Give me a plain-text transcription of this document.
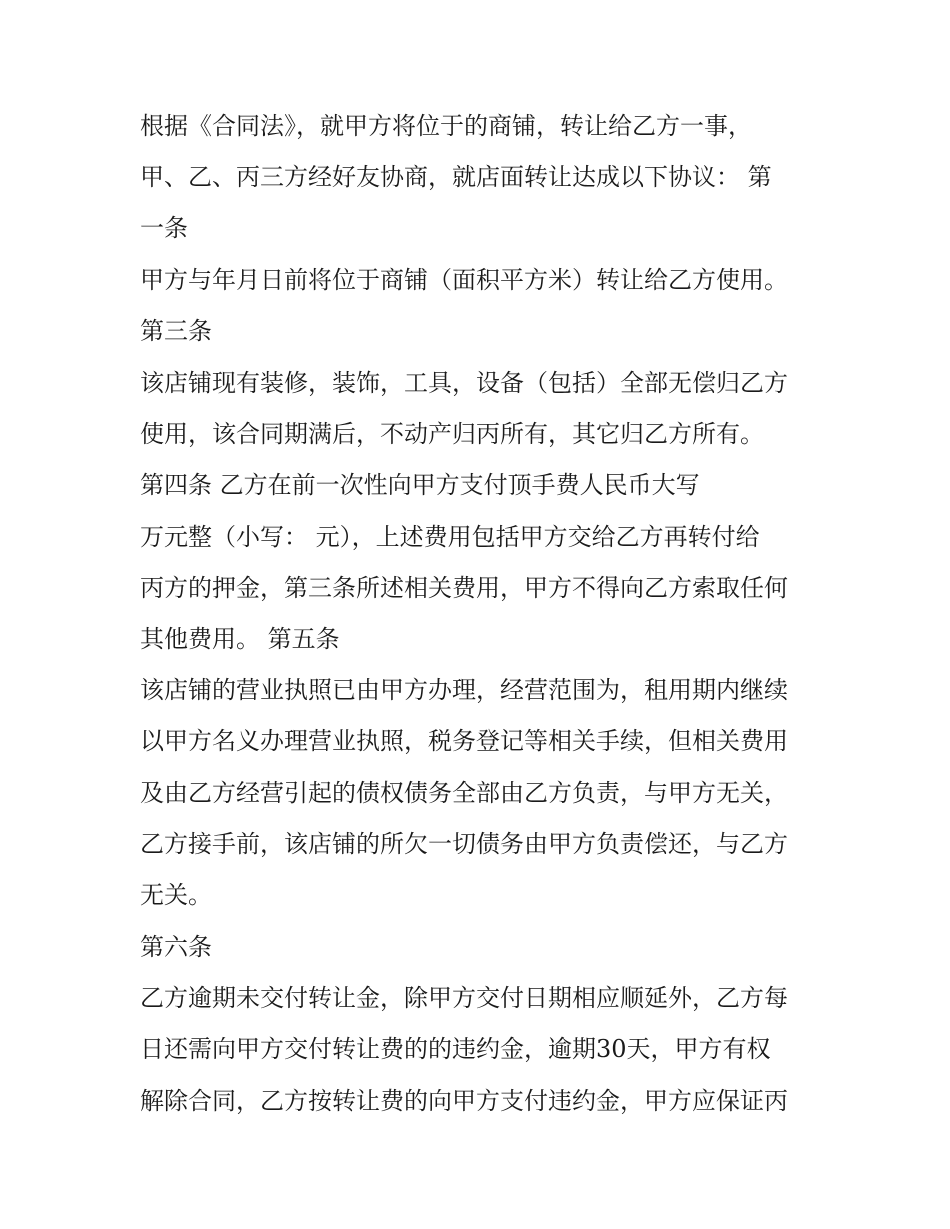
根据《合同法》，就甲方将位于的商铺，转让给乙方一事，
甲、乙、丙三方经好友协商，就店面转让达成以下协议： 第
一条
甲方与年月日前将位于商铺（面积平方米）转让给乙方使用。
第三条
该店铺现有装修，装饰，工具，设备（包括）全部无偿归乙方
使用，该合同期满后，不动产归丙所有，其它归乙方所有。
第四条 乙方在前一次性向甲方支付顶手费人民币大写
万元整（小写： 元），上述费用包括甲方交给乙方再转付给
丙方的押金，第三条所述相关费用，甲方不得向乙方索取任何
其他费用。 第五条
该店铺的营业执照已由甲方办理，经营范围为，租用期内继续
以甲方名义办理营业执照，税务登记等相关手续，但相关费用
及由乙方经营引起的债权债务全部由乙方负责，与甲方无关，
乙方接手前，该店铺的所欠一切债务由甲方负责偿还，与乙方
无关。
第六条
乙方逾期未交付转让金，除甲方交付日期相应顺延外，乙方每
日还需向甲方交付转让费的的违约金，逾期30天，甲方有权
解除合同，乙方按转让费的向甲方支付违约金，甲方应保证丙
